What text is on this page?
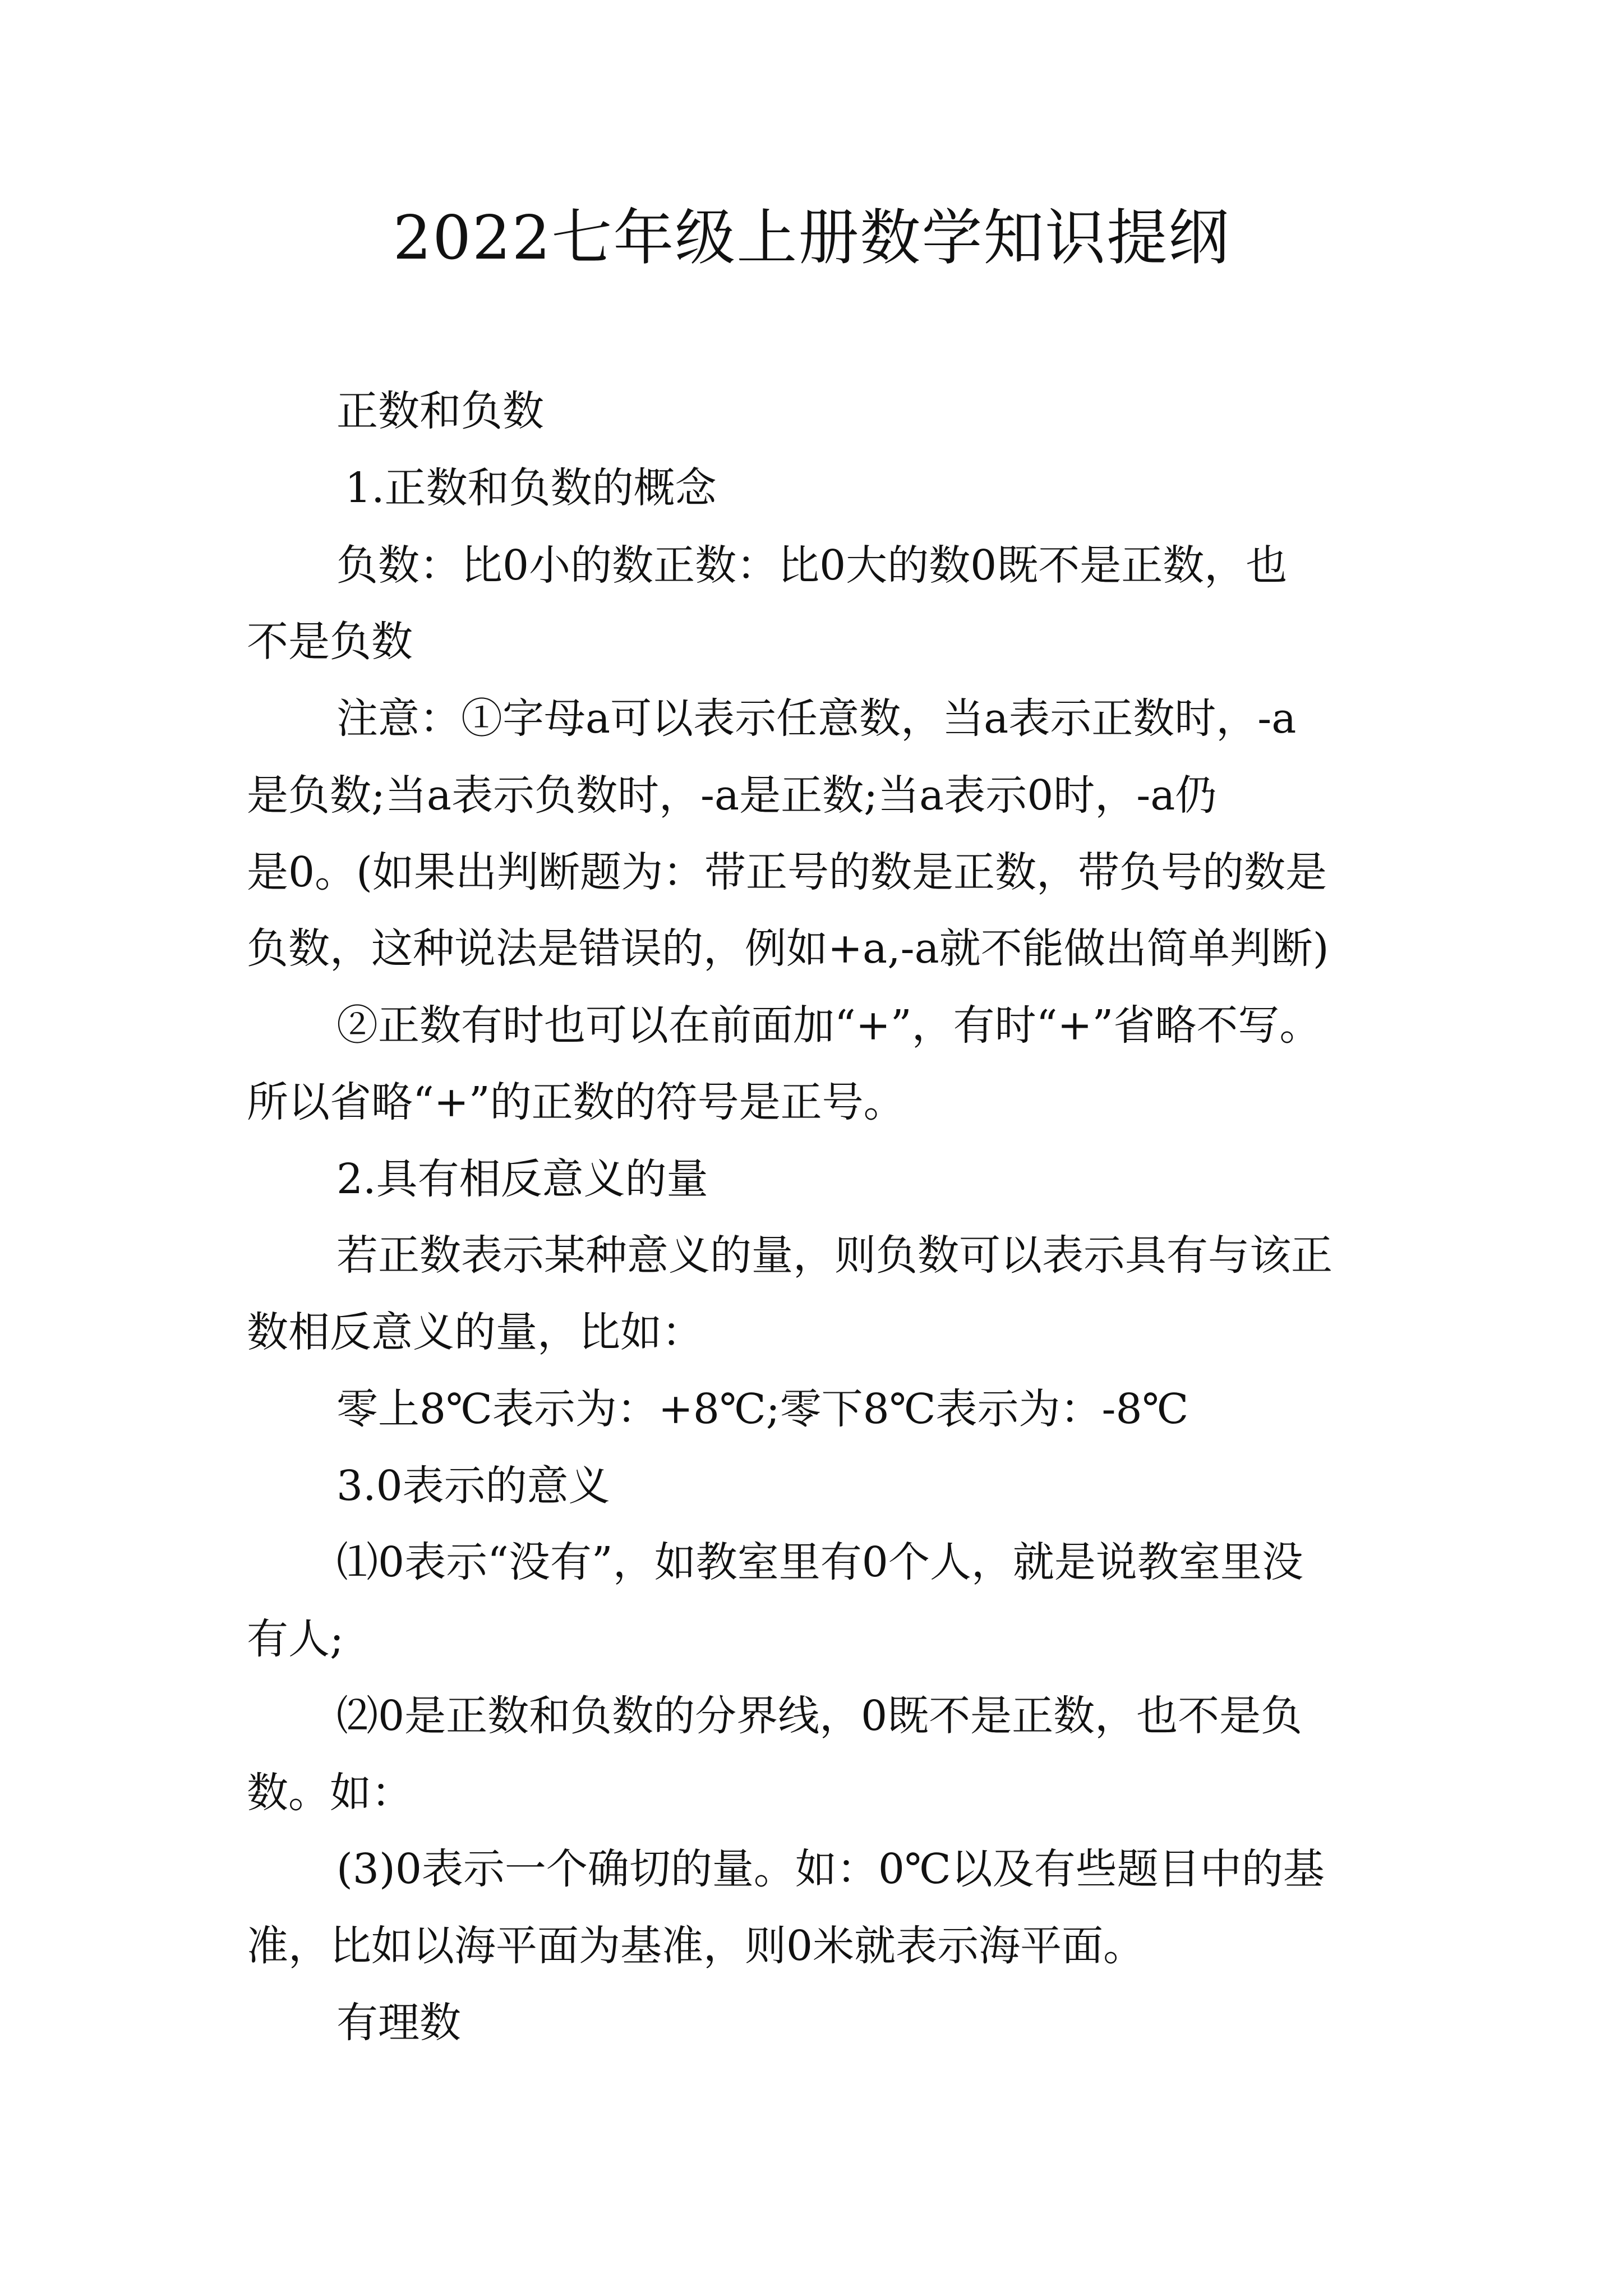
2022七年级上册数学知识提纲

正数和负数

1.正数和负数的概念

负数：比0小的数正数：比0大的数0既不是正数，也

不是负数

注意：①字母a可以表示任意数，当a表示正数时，-a

是负数;当a表示负数时，-a是正数;当a表示0时，-a仍

是0。(如果出判断题为：带正号的数是正数，带负号的数是

负数，这种说法是错误的，例如+a,-a就不能做出简单判断)

②正数有时也可以在前面加“+”，有时“+”省略不写。

所以省略“+”的正数的符号是正号。

2.具有相反意义的量

若正数表示某种意义的量，则负数可以表示具有与该正

数相反意义的量，比如：

零上8℃表示为：+8℃;零下8℃表示为：-8℃

3.0表示的意义

⑴0表示“没有”，如教室里有0个人，就是说教室里没

有人;

⑵0是正数和负数的分界线，0既不是正数，也不是负

数。如：

(3)0表示一个确切的量。如：0℃以及有些题目中的基

准，比如以海平面为基准，则0米就表示海平面。

有理数
